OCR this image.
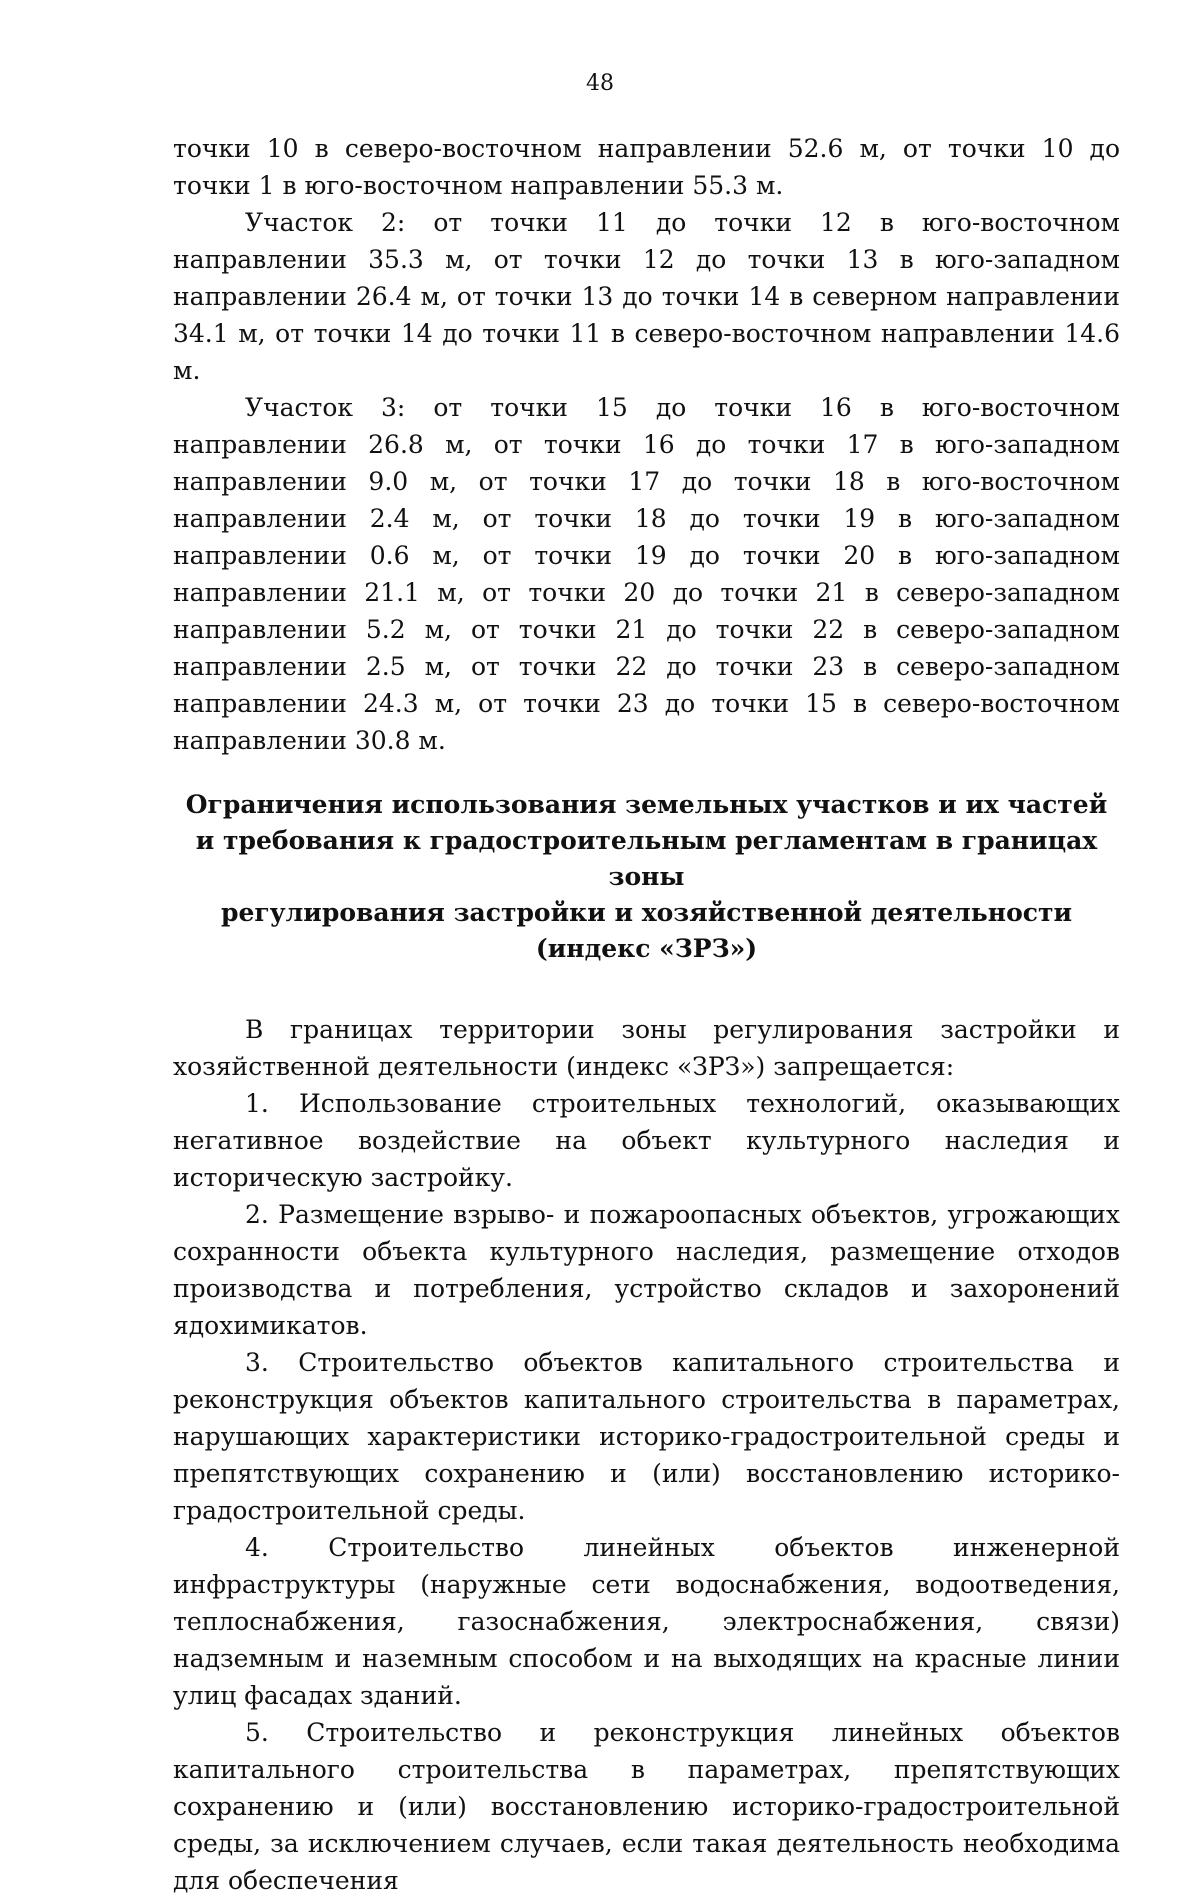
48

точки 10 в северо-восточном направлении 52.6 м, от точки 10 до точки 1 в юго-восточном направлении 55.3 м.

Участок 2: от точки 11 до точки 12 в юго-восточном направлении 35.3 м, от точки 12 до точки 13 в юго-западном направлении 26.4 м, от точки 13 до точки 14 в северном направлении 34.1 м, от точки 14 до точки 11 в северо-восточном направлении 14.6 м.

Участок 3: от точки 15 до точки 16 в юго-восточном направлении 26.8 м, от точки 16 до точки 17 в юго-западном направлении 9.0 м, от точки 17 до точки 18 в юго-восточном направлении 2.4 м, от точки 18 до точки 19 в юго-западном направлении 0.6 м, от точки 19 до точки 20 в юго-западном направлении 21.1 м, от точки 20 до точки 21 в северо-западном направлении 5.2 м, от точки 21 до точки 22 в северо-западном направлении 2.5 м, от точки 22 до точки 23 в северо-западном направлении 24.3 м, от точки 23 до точки 15 в северо-восточном направлении 30.8 м.

Ограничения использования земельных участков и их частей
и требования к градостроительным регламентам в границах зоны
регулирования застройки и хозяйственной деятельности
(индекс «ЗРЗ»)

В границах территории зоны регулирования застройки и хозяйственной деятельности (индекс «ЗРЗ») запрещается:

1. Использование строительных технологий, оказывающих негативное воздействие на объект культурного наследия и историческую застройку.

2. Размещение взрыво- и пожароопасных объектов, угрожающих сохранности объекта культурного наследия, размещение отходов производства и потребления, устройство складов и захоронений ядохимикатов.

3. Строительство объектов капитального строительства и реконструкция объектов капитального строительства в параметрах, нарушающих характеристики историко-градостроительной среды и препятствующих сохранению и (или) восстановлению историко-градостроительной среды.

4. Строительство линейных объектов инженерной инфраструктуры (наружные сети водоснабжения, водоотведения, теплоснабжения, газоснабжения, электроснабжения, связи) надземным и наземным способом и на выходящих на красные линии улиц фасадах зданий.

5. Строительство и реконструкция линейных объектов капитального строительства в параметрах, препятствующих сохранению и (или) восстановлению историко-градостроительной среды, за исключением случаев, если такая деятельность необходима для обеспечения
